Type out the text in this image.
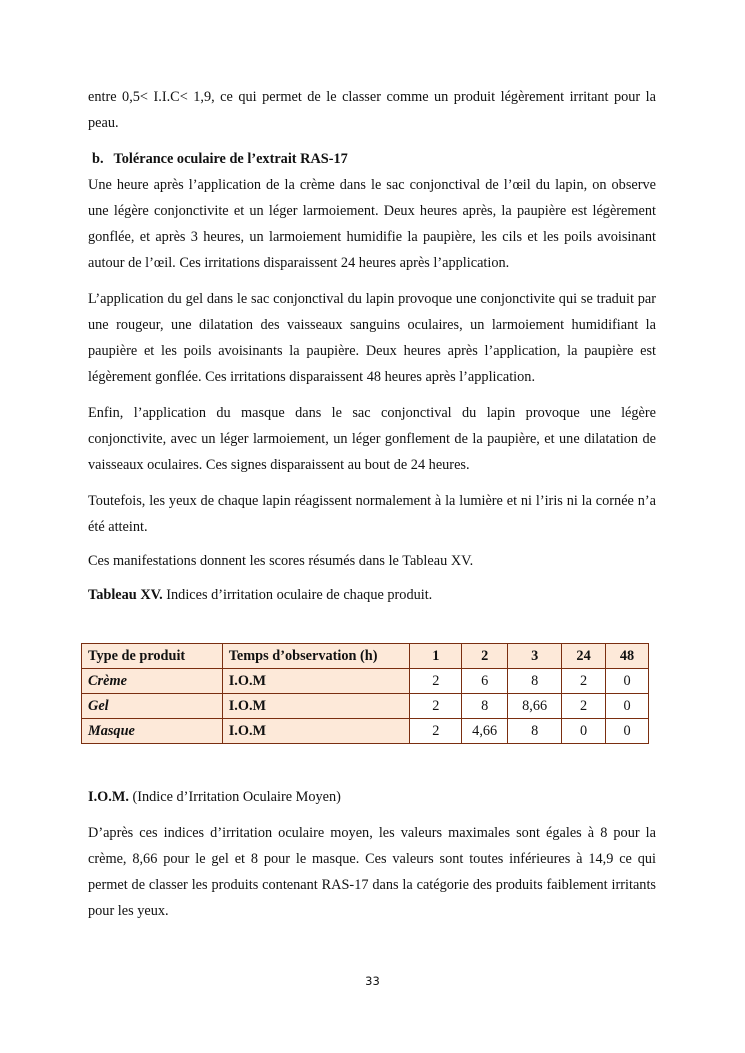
entre 0,5< I.I.C< 1,9, ce qui permet de le classer comme un produit légèrement irritant pour la peau.

b. Tolérance oculaire de l’extrait RAS-17

Une heure après l’application de la crème dans le sac conjonctival de l’œil du lapin, on observe une légère conjonctivite et un léger larmoiement. Deux heures après, la paupière est légèrement gonflée, et après 3 heures, un larmoiement humidifie la paupière, les cils et les poils avoisinant autour de l’œil. Ces irritations disparaissent 24 heures après l’application.

L’application du gel dans le sac conjonctival du lapin provoque une conjonctivite qui se traduit par une rougeur, une dilatation des vaisseaux sanguins oculaires, un larmoiement humidifiant la paupière et les poils avoisinants la paupière. Deux heures après l’application, la paupière est légèrement gonflée. Ces irritations disparaissent 48 heures après l’application.

Enfin, l’application du masque dans le sac conjonctival du lapin provoque une légère conjonctivite, avec un léger larmoiement, un léger gonflement de la paupière, et une dilatation de vaisseaux oculaires. Ces signes disparaissent au bout de 24 heures.

Toutefois, les yeux de chaque lapin réagissent normalement à la lumière et ni l’iris ni la cornée n’a été atteint.

Ces manifestations donnent les scores résumés dans le Tableau XV.

Tableau XV. Indices d’irritation oculaire de chaque produit.

Type de produit	Temps d’observation (h)	1	2	3	24	48
Crème	I.O.M	2	6	8	2	0
Gel	I.O.M	2	8	8,66	2	0
Masque	I.O.M	2	4,66	8	0	0

I.O.M. (Indice d’Irritation Oculaire Moyen)

D’après ces indices d’irritation oculaire moyen, les valeurs maximales sont égales à 8 pour la crème, 8,66 pour le gel et 8 pour le masque. Ces valeurs sont toutes inférieures à 14,9 ce qui permet de classer les produits contenant RAS-17 dans la catégorie des produits faiblement irritants pour les yeux.

33
